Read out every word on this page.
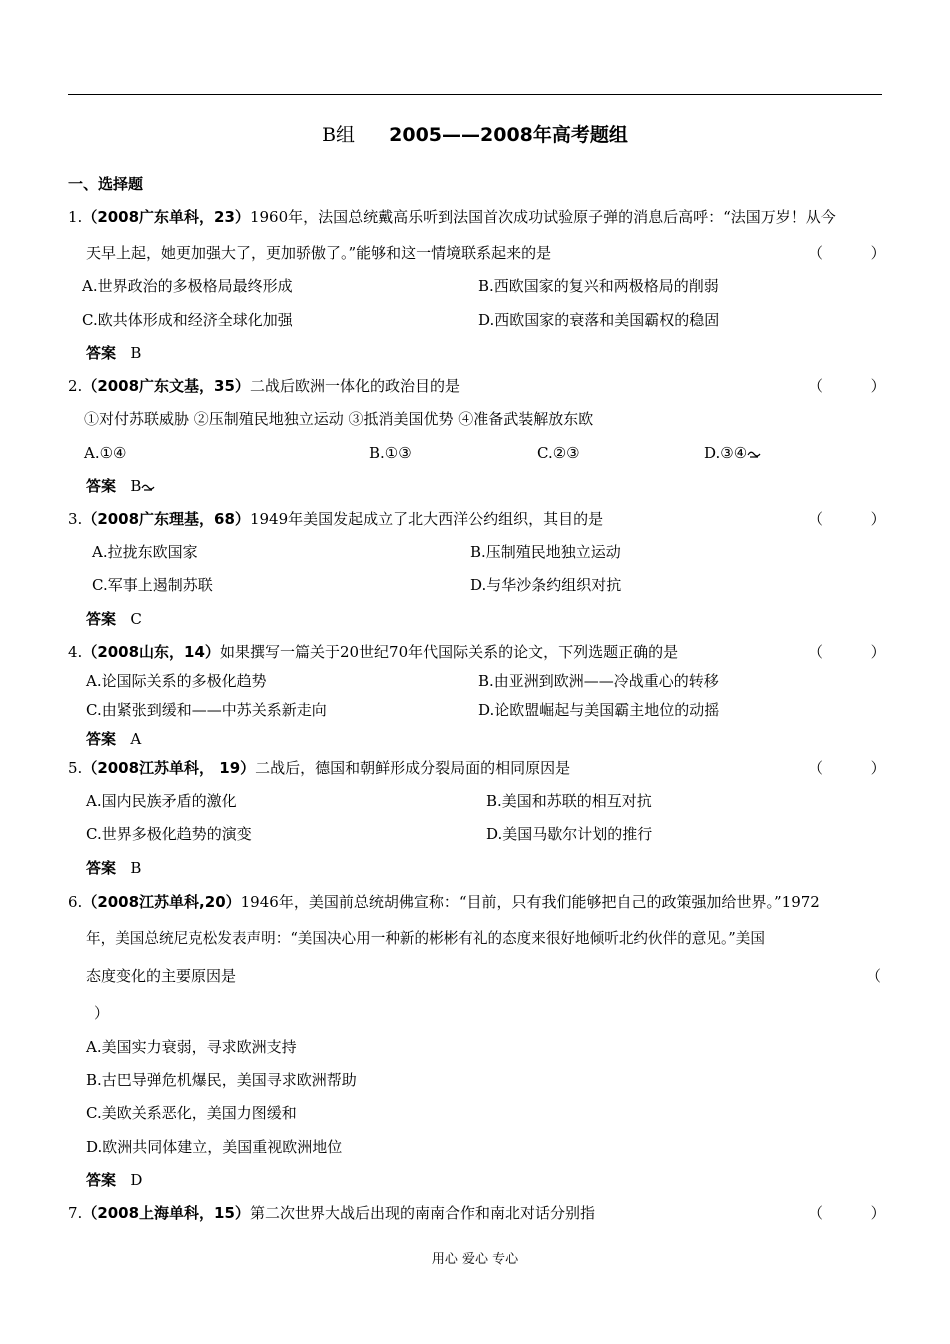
B组 2005——2008年高考题组
一、选择题
1.（2008广东单科，23）1960年，法国总统戴高乐听到法国首次成功试验原子弹的消息后高呼：“法国万岁！从今
天早上起，她更加强大了，更加骄傲了。”能够和这一情境联系起来的是	（          ）
A.世界政治的多极格局最终形成	B.西欧国家的复兴和两极格局的削弱
C.欧共体形成和经济全球化加强	D.西欧国家的衰落和美国霸权的稳固
答案 B
2.（2008广东文基，35）二战后欧洲一体化的政治目的是	（          ）
①对付苏联威胁 ②压制殖民地独立运动 ③抵消美国优势 ④准备武装解放东欧
A.①④	B.①③	C.②③	D.③④
答案 B
3.（2008广东理基，68）1949年美国发起成立了北大西洋公约组织，其目的是	（          ）
A.拉拢东欧国家	B.压制殖民地独立运动
C.军事上遏制苏联	D.与华沙条约组织对抗
答案 C
4.（2008山东，14）如果撰写一篇关于20世纪70年代国际关系的论文，下列选题正确的是	（          ）
A.论国际关系的多极化趋势	B.由亚洲到欧洲——冷战重心的转移
C.由紧张到缓和——中苏关系新走向	D.论欧盟崛起与美国霸主地位的动摇
答案 A
5.（2008江苏单科， 19）二战后，德国和朝鲜形成分裂局面的相同原因是	（          ）
A.国内民族矛盾的激化	B.美国和苏联的相互对抗
C.世界多极化趋势的演变	D.美国马歇尔计划的推行
答案 B
6.（2008江苏单科,20）1946年，美国前总统胡佛宣称：“目前，只有我们能够把自己的政策强加给世界。”1972
年，美国总统尼克松发表声明：“美国决心用一种新的彬彬有礼的态度来很好地倾听北约伙伴的意见。”美国
态度变化的主要原因是	（
）
A.美国实力衰弱，寻求欧洲支持
B.古巴导弹危机爆民，美国寻求欧洲帮助
C.美欧关系恶化，美国力图缓和
D.欧洲共同体建立，美国重视欧洲地位
答案 D
7.（2008上海单科，15）第二次世界大战后出现的南南合作和南北对话分别指	（          ）
用心 爱心 专心
